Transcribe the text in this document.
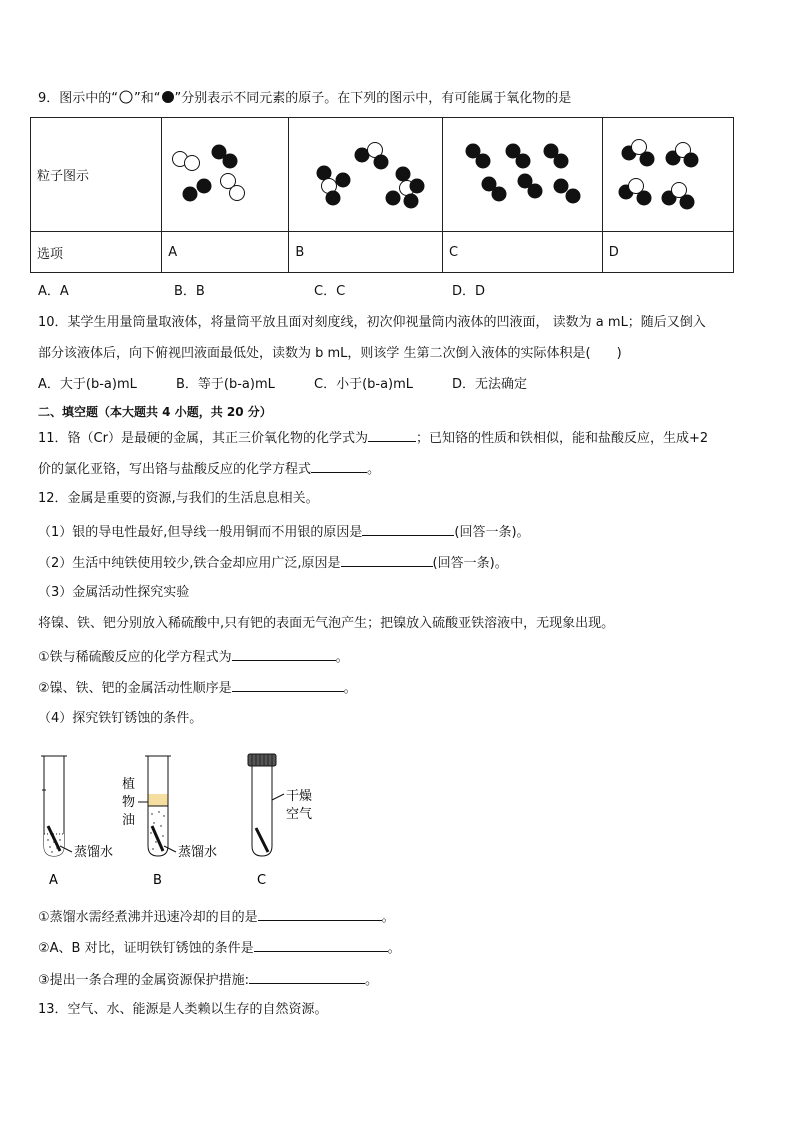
9．图示中的“ ”和“ ”分别表示不同元素的原子。在下列的图示中，有可能属于氧化物的是
粒子图示	

选项	A	B	C	D
A．A	B．B	C．C	D．D
10．某学生用量筒量取液体，将量筒平放且面对刻度线，初次仰视量筒内液体的凹液面， 读数为 a mL；随后又倒入
部分该液体后，向下俯视凹液面最低处，读数为 b mL，则该学 生第二次倒入液体的实际体积是(　　)
A．大于(b-a)mL	B．等于(b-a)mL	C．小于(b-a)mL	D．无法确定
二、填空题（本大题共 4 小题，共 20 分）
11．铬（Cr）是最硬的金属，其正三价氧化物的化学式为	；已知铬的性质和铁相似，能和盐酸反应，生成+2
价的氯化亚铬，写出铬与盐酸反应的化学方程式	。
12．金属是重要的资源,与我们的生活息息相关。
（1）银的导电性最好,但导线一般用铜而不用银的原因是	(回答一条)。
（2）生活中纯铁使用较少,铁合金却应用广泛,原因是	(回答一条)。
（3）金属活动性探究实验
将镍、铁、钯分别放入稀硫酸中,只有钯的表面无气泡产生；把镍放入硫酸亚铁溶液中，无现象出现。
①铁与稀硫酸反应的化学方程式为	。
②镍、铁、钯的金属活动性顺序是	。
（4）探究铁钉锈蚀的条件。
蒸馏水
A
植
物
油
蒸馏水
B
干燥
空气
C
①蒸馏水需经煮沸并迅速冷却的目的是	。
②A、B 对比，证明铁钉锈蚀的条件是	。
③提出一条合理的金属资源保护措施:	。
13．空气、水、能源是人类赖以生存的自然资源。
